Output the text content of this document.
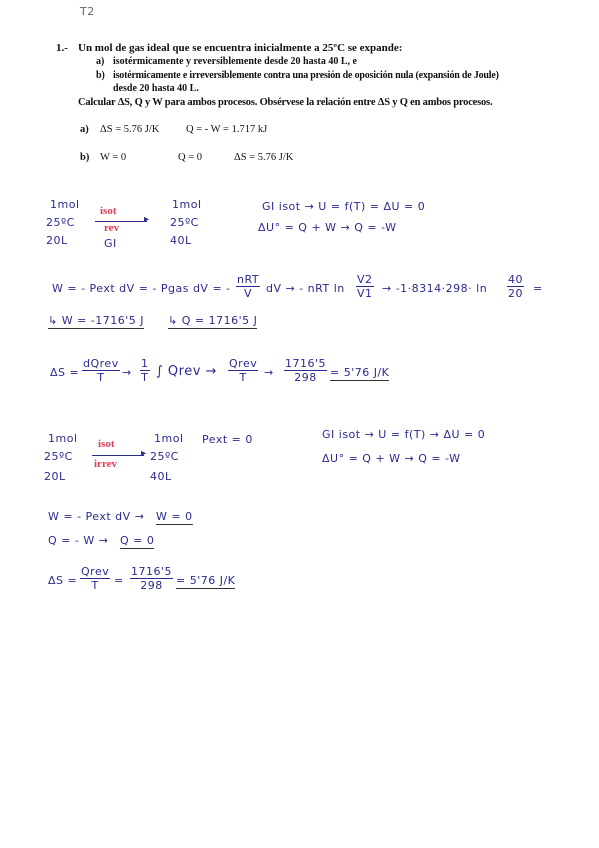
T2
1.- Un mol de gas ideal que se encuentra inicialmente a 25ºC se expande:
a) isotérmicamente y reversiblemente desde 20 hasta 40 L, e
b) isotérmicamente e irreversiblemente contra una presión de oposición nula (expansión de Joule)
desde 20 hasta 40 L.
Calcular ΔS, Q y W para ambos procesos. Obsérvese la relación entre ΔS y Q en ambos procesos.
a) ΔS = 5.76 J/K	Q = - W = 1.717 kJ
b) W = 0	Q = 0	ΔS = 5.76 J/K
1mol
25ºC
20L
isot
▸
rev
GI
1mol
25ºC
40L
GI isot → U = f(T) = ΔU = 0
ΔU° = Q + W → Q = -W
W = - Pext dV = - Pgas dV = -
nRT
V	dV → - nRT $\ln \frac{V2}{V1} \to -1\cdot 8314\cdot 298\cdot \ln \frac{40}{20}$ =
↳ W = -1716'5 J ↳ Q = 1716'5 J
ΔS =
dQrev
T	→ $\frac{1}{T}$ ∫ Qrev →
Qrev
T	→ $\frac{1716'5}{298} = 5'76$ J/K
1mol
25ºC
20L
isot
▸
irrev
1mol
25ºC
40L
Pext = 0	GI isot → U = f(T) → ΔU = 0
ΔU° = Q + W → Q = -W
W = - Pext dV → W = 0
Q = - W → Q = 0
ΔS =
Qrev
T	= $\frac{1716'5}{298} = 5'76$ J/K
